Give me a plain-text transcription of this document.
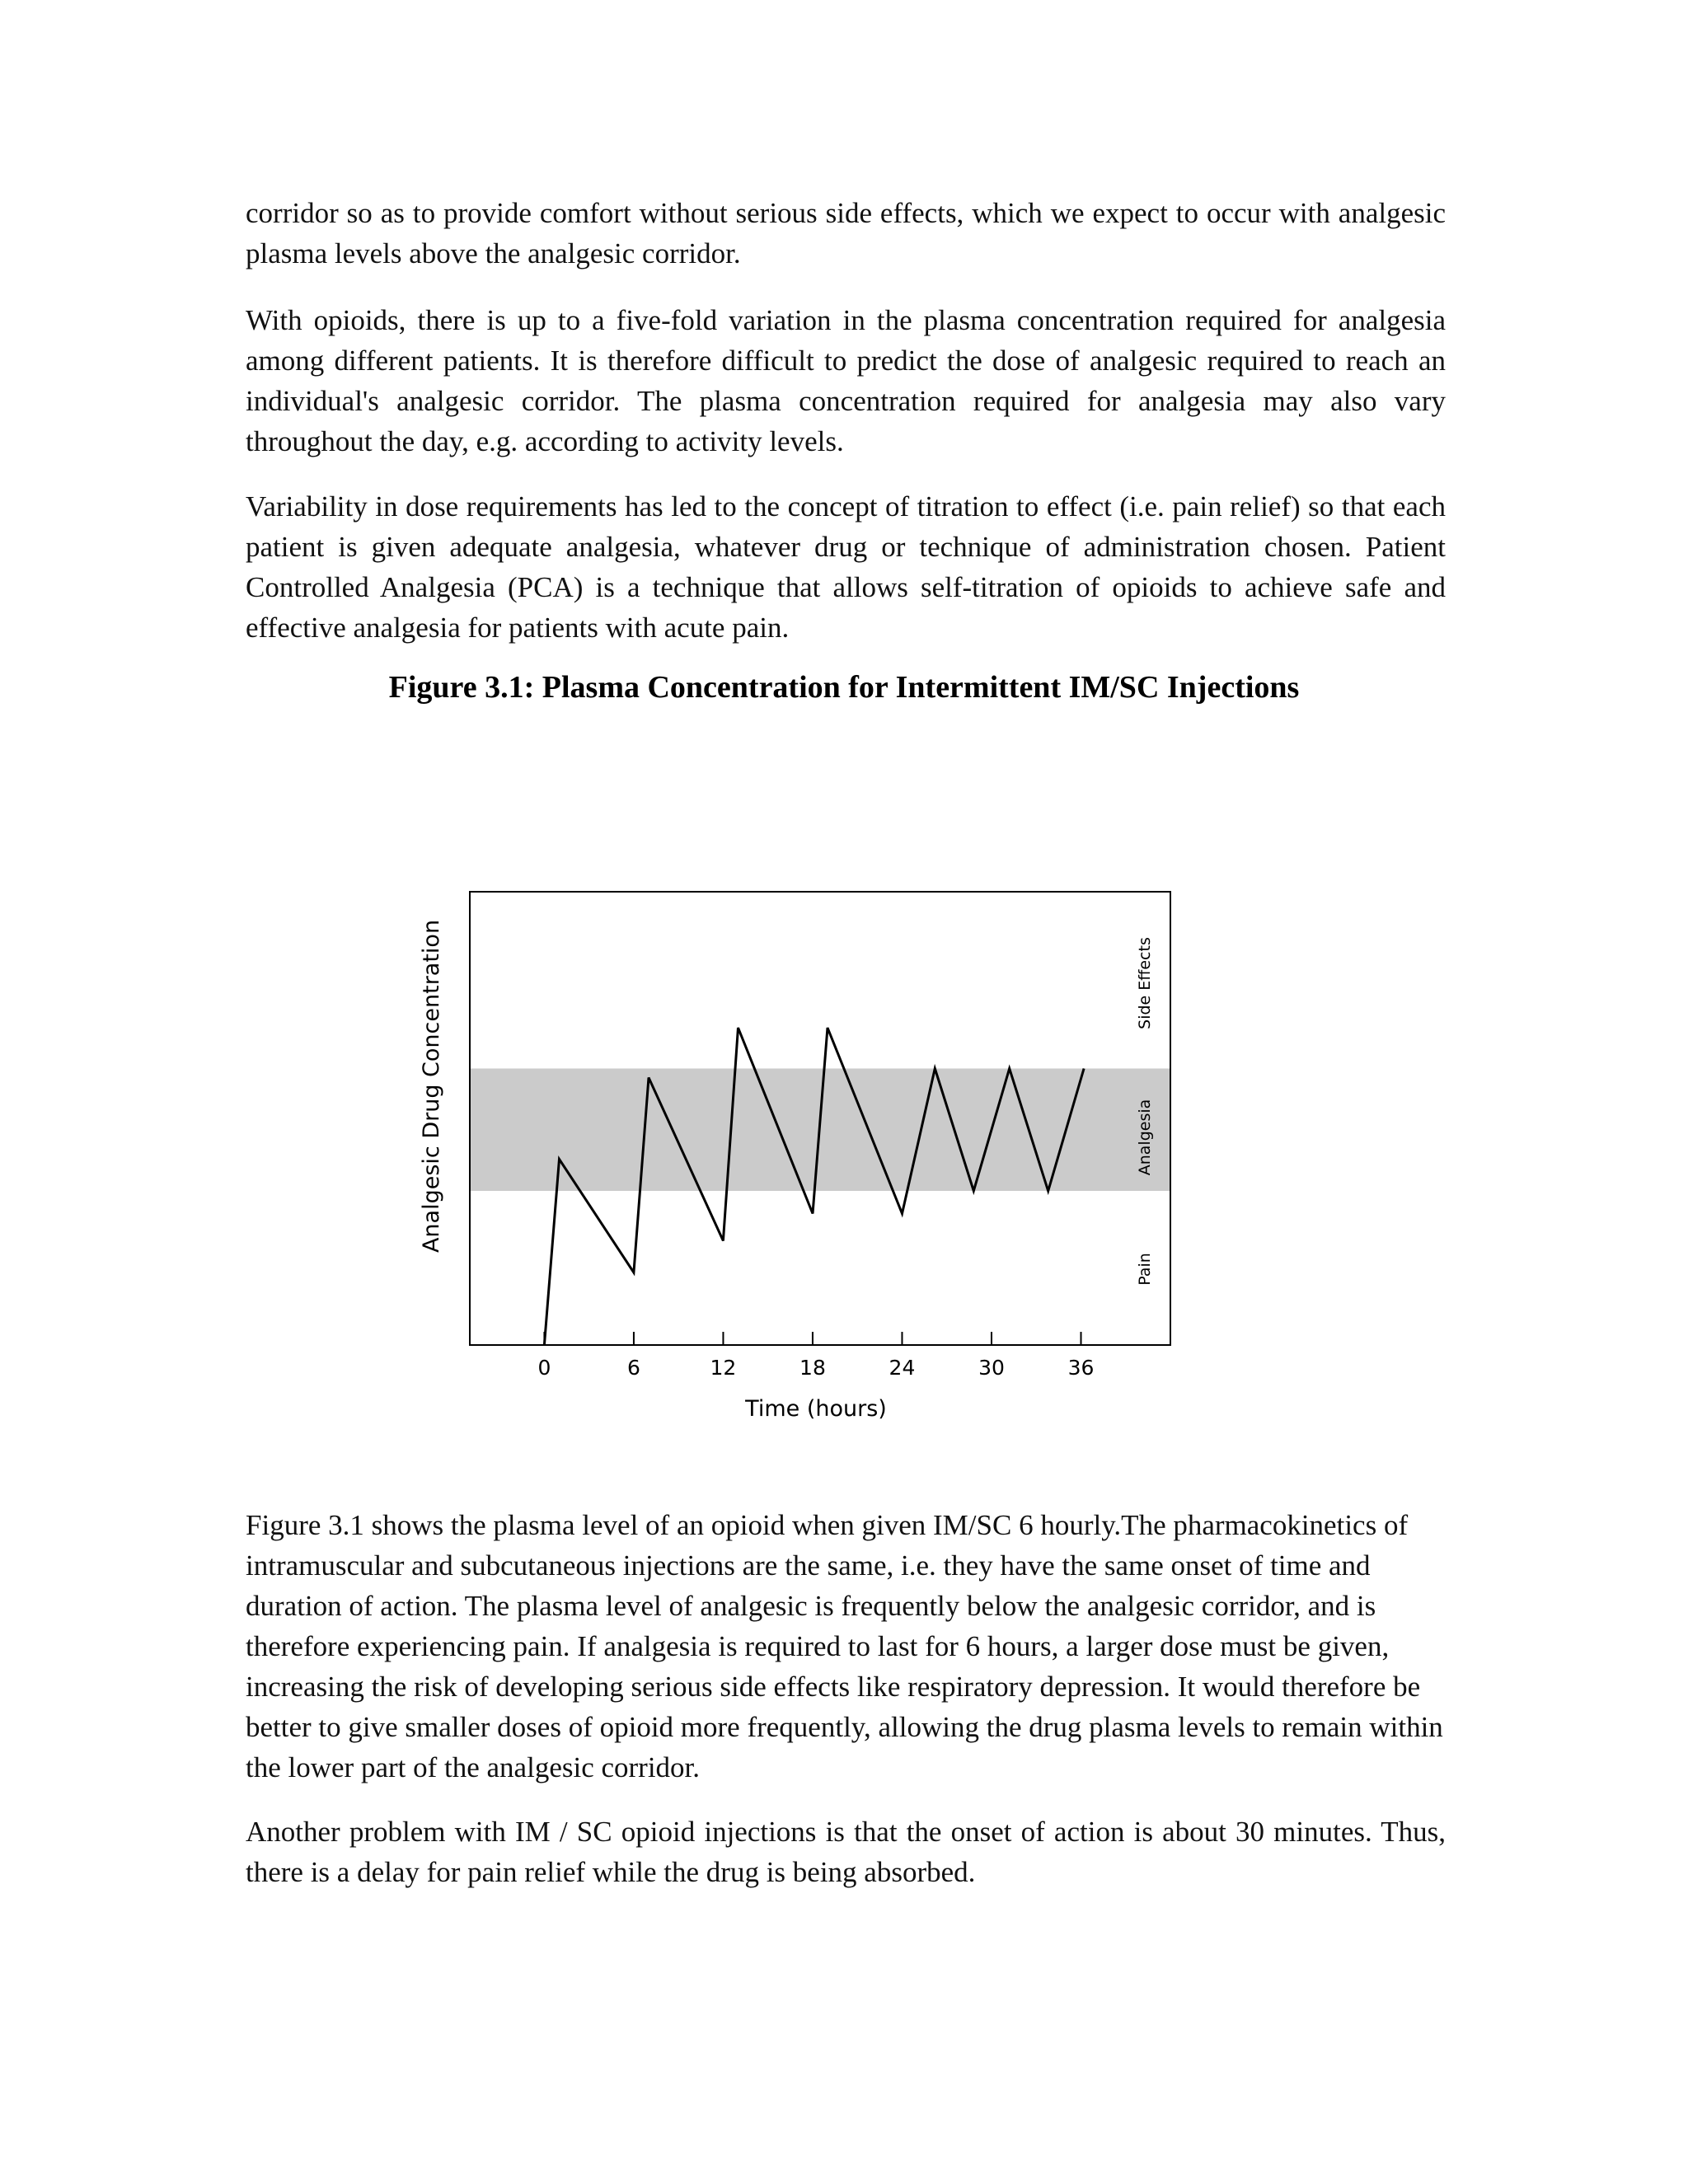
corridor so as to provide comfort without serious side effects, which we expect to occur with analgesic plasma levels above the analgesic corridor.

With opioids, there is up to a five-fold variation in the plasma concentration required for analgesia among different patients. It is therefore difficult to predict the dose of analgesic required to reach an individual's analgesic corridor. The plasma concentration required for analgesia may also vary throughout the day, e.g. according to activity levels.

Variability in dose requirements has led to the concept of titration to effect (i.e. pain relief) so that each patient is given adequate analgesia, whatever drug or technique of administration chosen. Patient Controlled Analgesia (PCA) is a technique that allows self-titration of opioids to achieve safe and effective analgesia for patients with acute pain.

Figure 3.1: Plasma Concentration for Intermittent IM/SC Injections
0	6	12	18	24	30	36
Time (hours)
Analgesic Drug Concentration	Side Effects
Analgesia
Pain

Figure 3.1 shows the plasma level of an opioid when given IM/SC 6 hourly.The pharmacokinetics of intramuscular and subcutaneous injections are the same, i.e. they have the same onset of time and duration of action. The plasma level of analgesic is frequently below the analgesic corridor, and is therefore experiencing pain. If analgesia is required to last for 6 hours, a larger dose must be given, increasing the risk of developing serious side effects like respiratory depression. It would therefore be better to give smaller doses of opioid more frequently, allowing the drug plasma levels to remain within the lower part of the analgesic corridor.

Another problem with IM / SC opioid injections is that the onset of action is about 30 minutes. Thus, there is a delay for pain relief while the drug is being absorbed.
